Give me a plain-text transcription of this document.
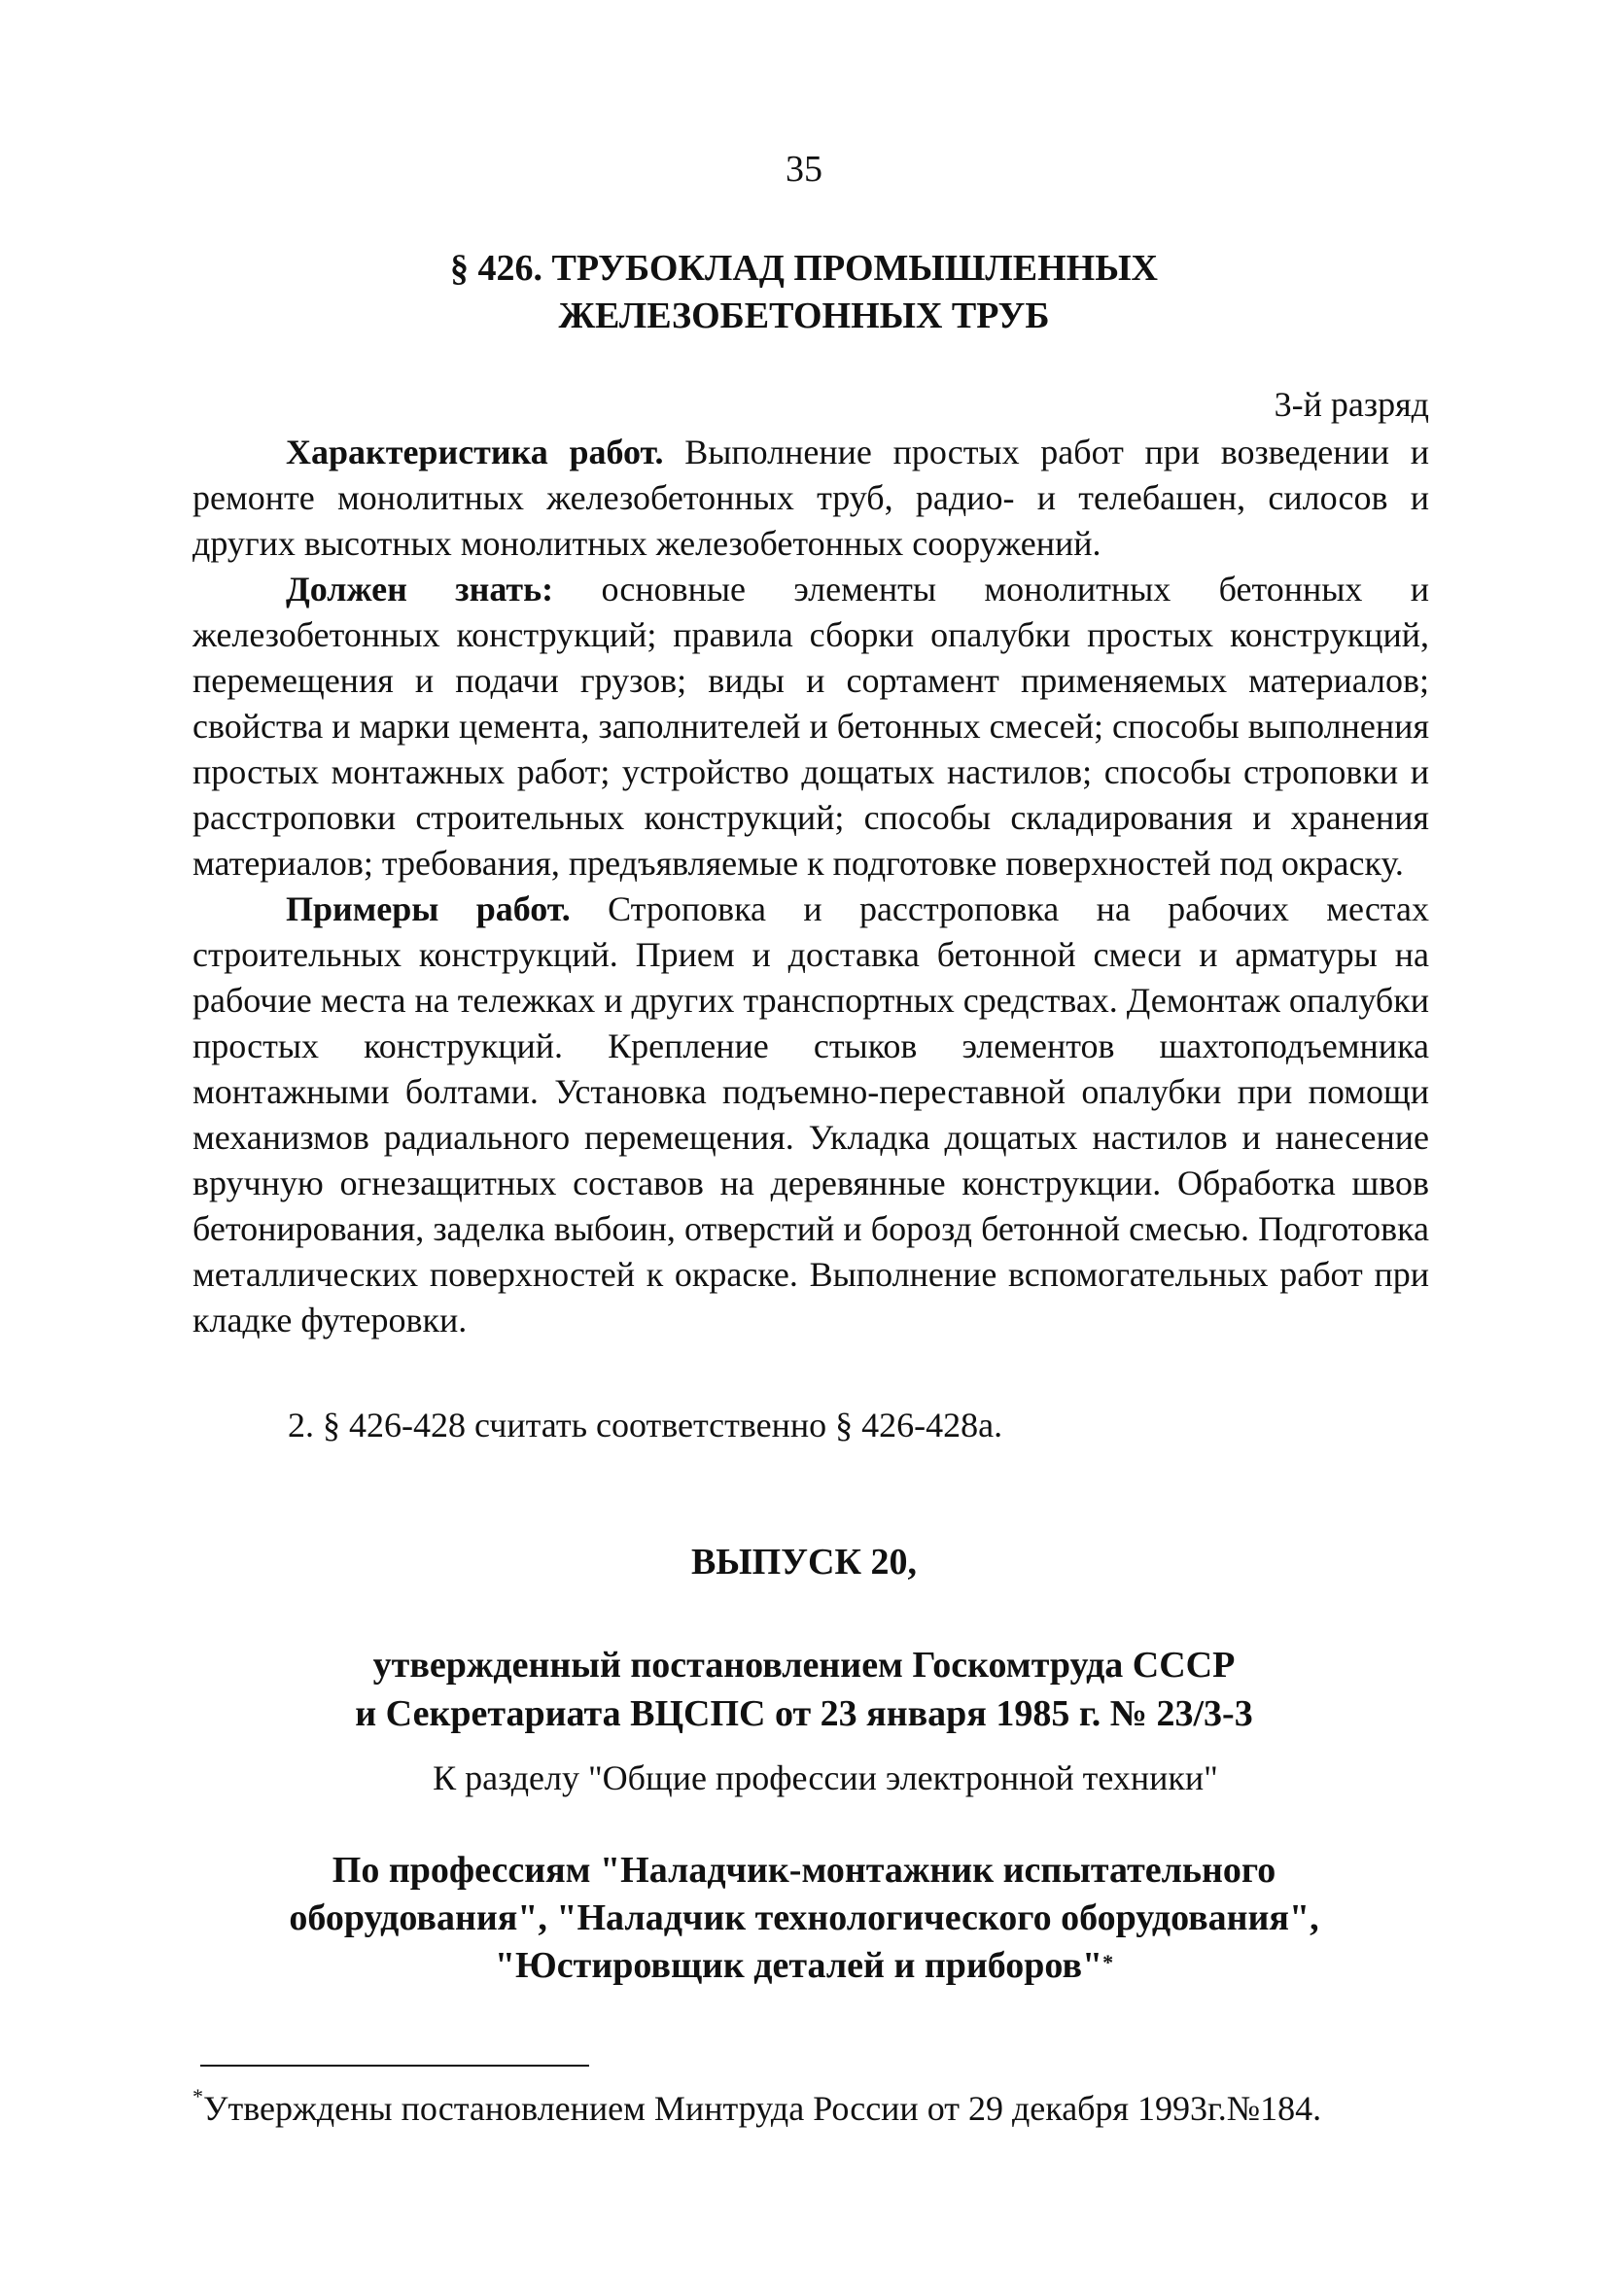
35
§ 426. ТРУБОКЛАД ПРОМЫШЛЕННЫХ
ЖЕЛЕЗОБЕТОННЫХ ТРУБ
3-й разряд

Характеристика работ. Выполнение простых работ при возведении и ремонте монолитных железобетонных труб, радио- и телебашен, силосов и других высотных монолитных железобетонных сооружений.

Должен знать: основные элементы монолитных бетонных и железобетонных конструкций; правила сборки опалубки простых конструкций, перемещения и подачи грузов; виды и сортамент применяемых материалов; свойства и марки цемента, заполнителей и бетонных смесей; способы выполнения простых монтажных работ; устройство дощатых настилов; способы строповки и расстроповки строительных конструкций; способы складирования и хранения материалов; требования, предъявляемые к подготовке поверхностей под окраску.

Примеры работ. Строповка и расстроповка на рабочих местах строительных конструкций. Прием и доставка бетонной смеси и арматуры на рабочие места на тележках и других транспортных средствах. Демонтаж опалубки простых конструкций. Крепление стыков элементов шахтоподъемника монтажными болтами. Установка подъемно-переставной опалубки при помощи механизмов радиального перемещения. Укладка дощатых настилов и нанесение вручную огнезащитных составов на деревянные конструкции. Обработка швов бетонирования, заделка выбоин, отверстий и борозд бетонной смесью. Подготовка металлических поверхностей к окраске. Выполнение вспомогательных работ при кладке футеровки.

2. § 426-428 считать соответственно § 426-428а.
ВЫПУСК 20,
утвержденный постановлением Госкомтруда СССР
и Секретариата ВЦСПС от 23 января 1985 г. № 23/3-3
К разделу "Общие профессии электронной техники"
По профессиям "Наладчик-монтажник испытательного
оборудования", "Наладчик технологического оборудования",
"Юстировщик деталей и приборов"*
*Утверждены постановлением Минтруда России от 29 декабря 1993г.№184.
